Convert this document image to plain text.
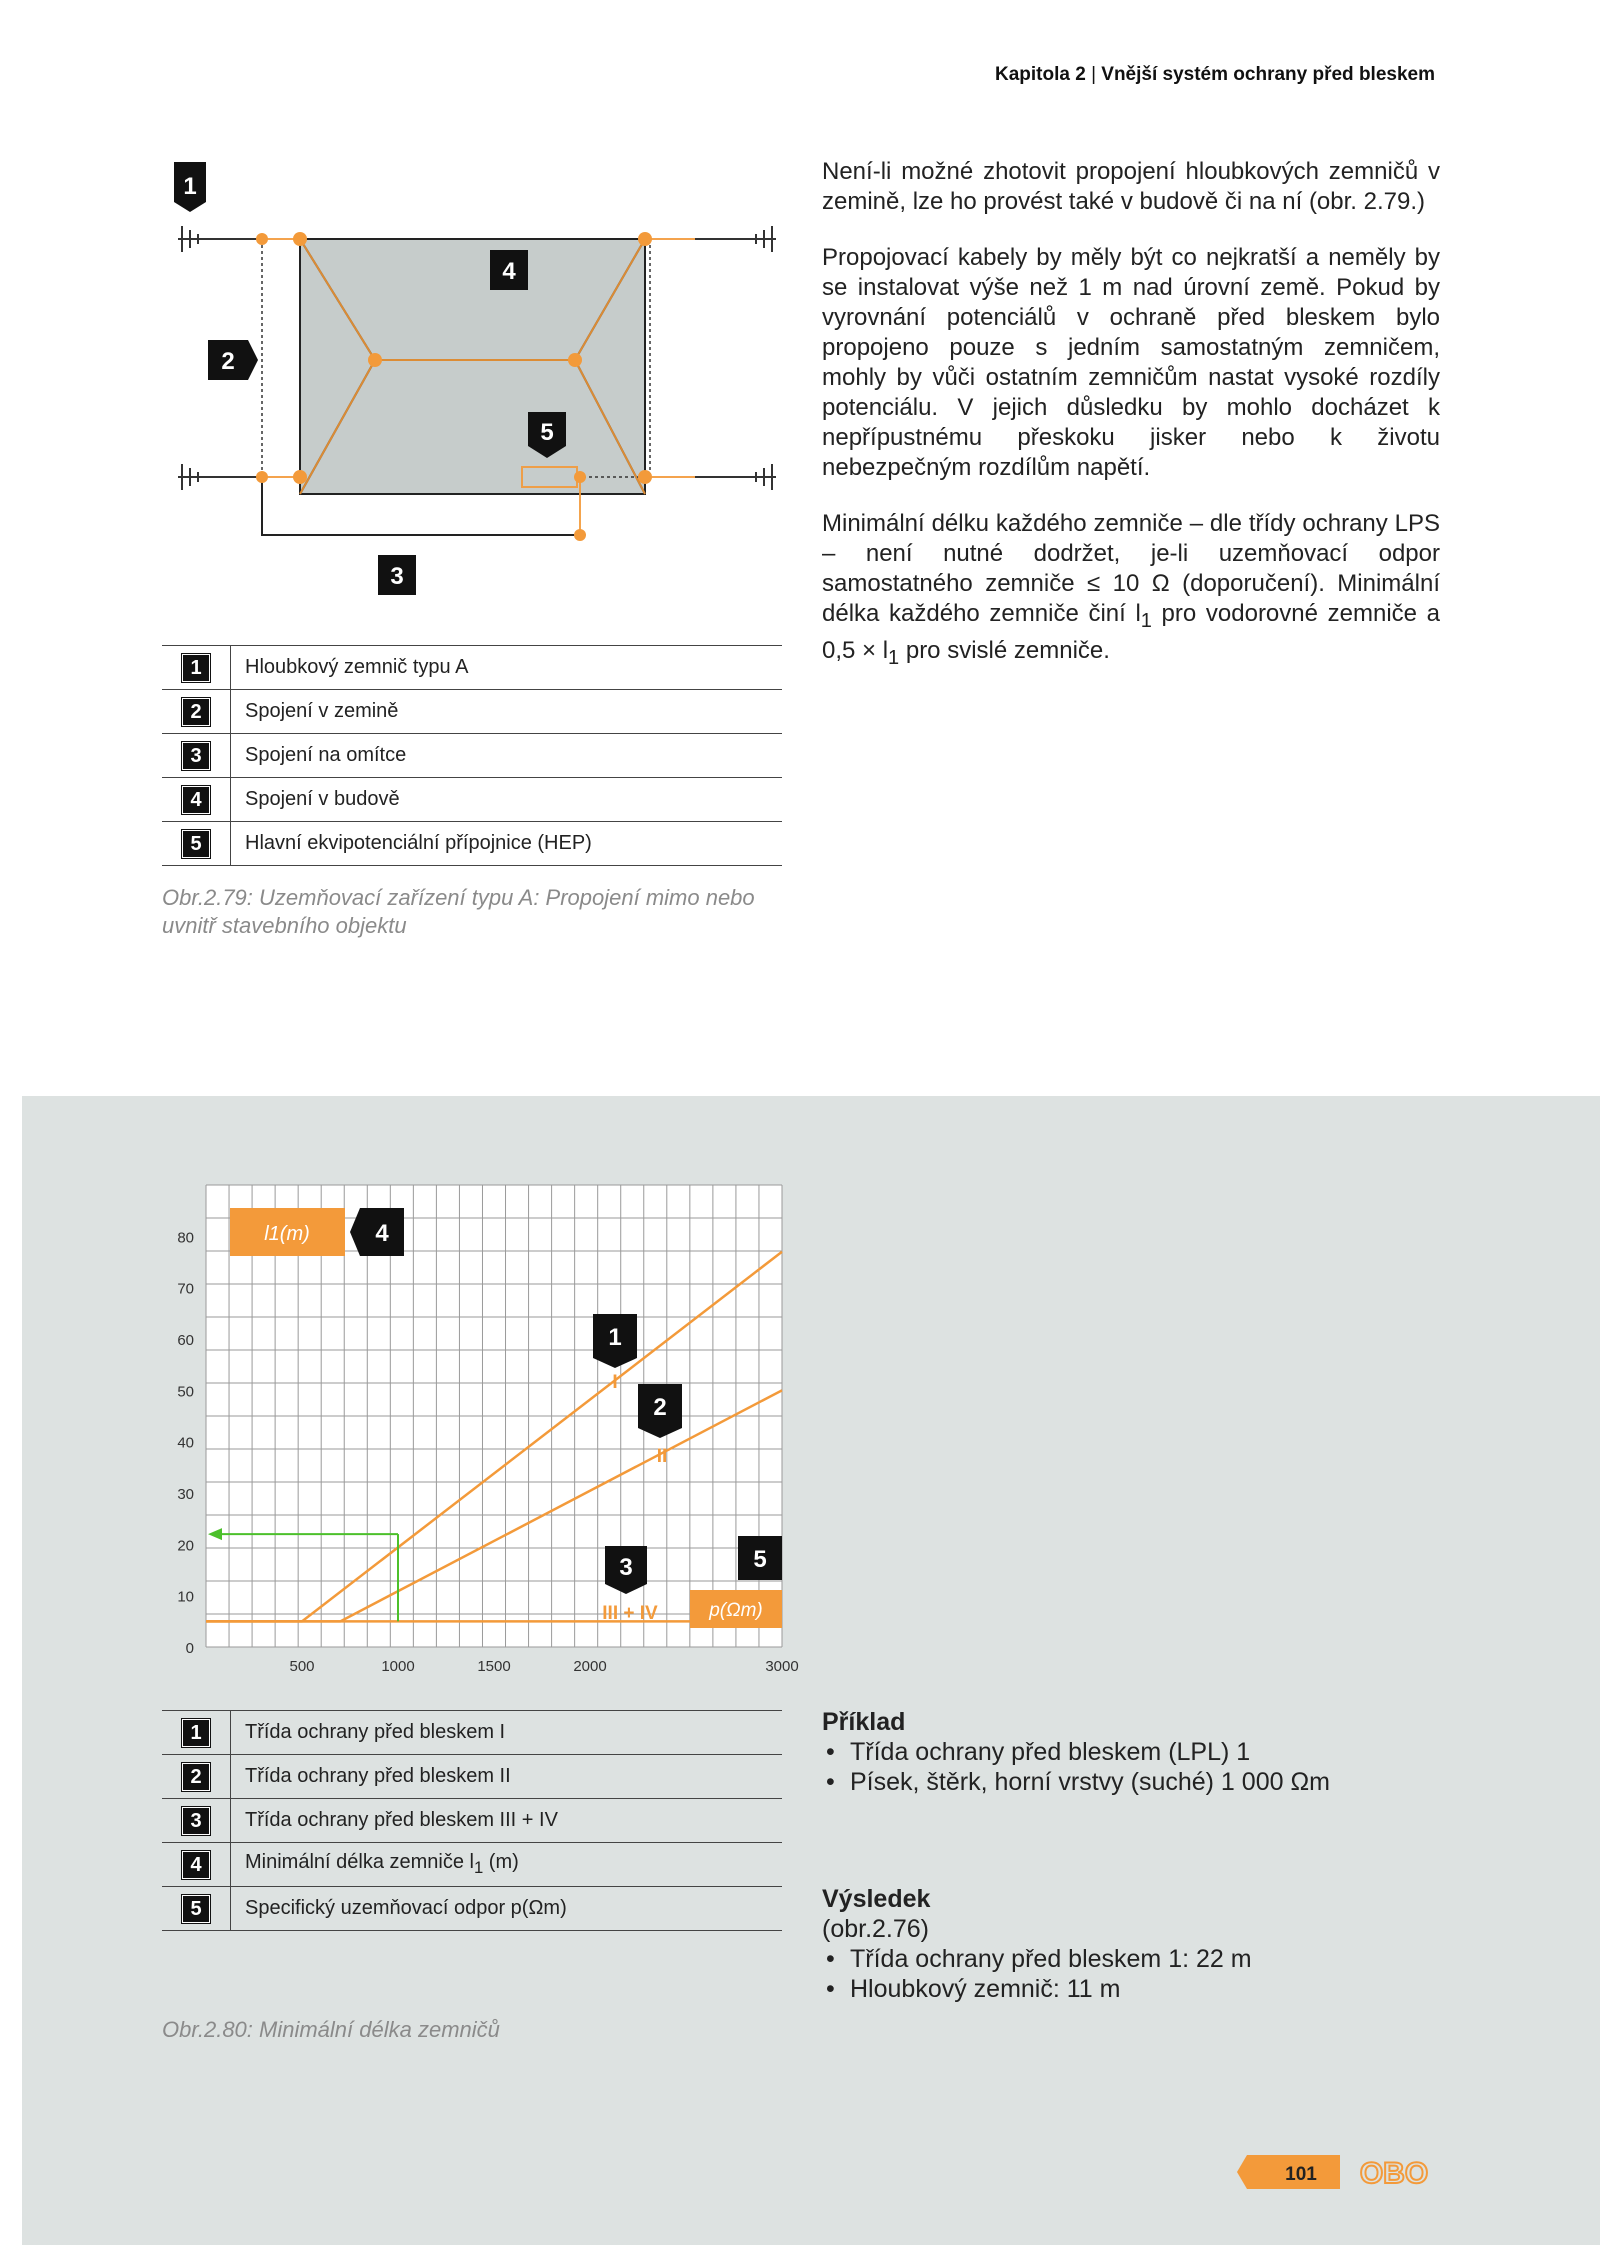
Kapitola 2 | Vnější systém ochrany před bleskem
1
2
3
4
5
1	Hloubkový zemnič typu A
2	Spojení v zemině
3	Spojení na omítce
4	Spojení v budově
5	Hlavní ekvipotenciální přípojnice (HEP)
Obr.2.79: Uzemňovací zařízení typu A: Propojení mimo nebo uvnitř stavebního objektu

Není-li možné zhotovit propojení hloubkových zemničů v zemině, lze ho provést také v budově či na ní (obr. 2.79.)

Propojovací kabely by měly být co nejkratší a neměly by se instalovat výše než 1 m nad úrovní země. Pokud by vyrovnání potenciálů v ochraně před bleskem bylo propojeno pouze s jedním samostatným zemničem, mohly by vůči ostatním zemničům nastat vysoké rozdíly potenciálu. V jejich důsledku by mohlo docházet k nepřípustnému přeskoku jisker nebo k životu nebezpečným rozdílům napětí.

Minimální délku každého zemniče – dle třídy ochrany LPS – není nutné dodržet, je-li uzemňovací odpor samostatného zemniče ≤ 10 Ω (doporučení). Minimální délka každého zemniče činí $l_1$ pro vodorovné zemniče a $0,5 \times l_1$ pro svislé zemniče.

0
10
20
30
40
50
60
70
80
500	1000	1500	2000	3000
l1(m)	4
p(Ωm)
5
1
2
3
I
II
III + IV
1	Třída ochrany před bleskem I
2	Třída ochrany před bleskem II
3	Třída ochrany před bleskem III + IV
4	Minimální délka zemniče $l_1$ (m)
5	Specifický uzemňovací odpor p(Ωm)
Obr.2.80: Minimální délka zemničů
Příklad
• Třída ochrany před bleskem (LPL) 1
• Písek, štěrk, horní vrstvy (suché) 1 000 Ωm
Výsledek
(obr.2.76)
• Třída ochrany před bleskem 1: 22 m
• Hloubkový zemnič: 11 m
101 OBO
